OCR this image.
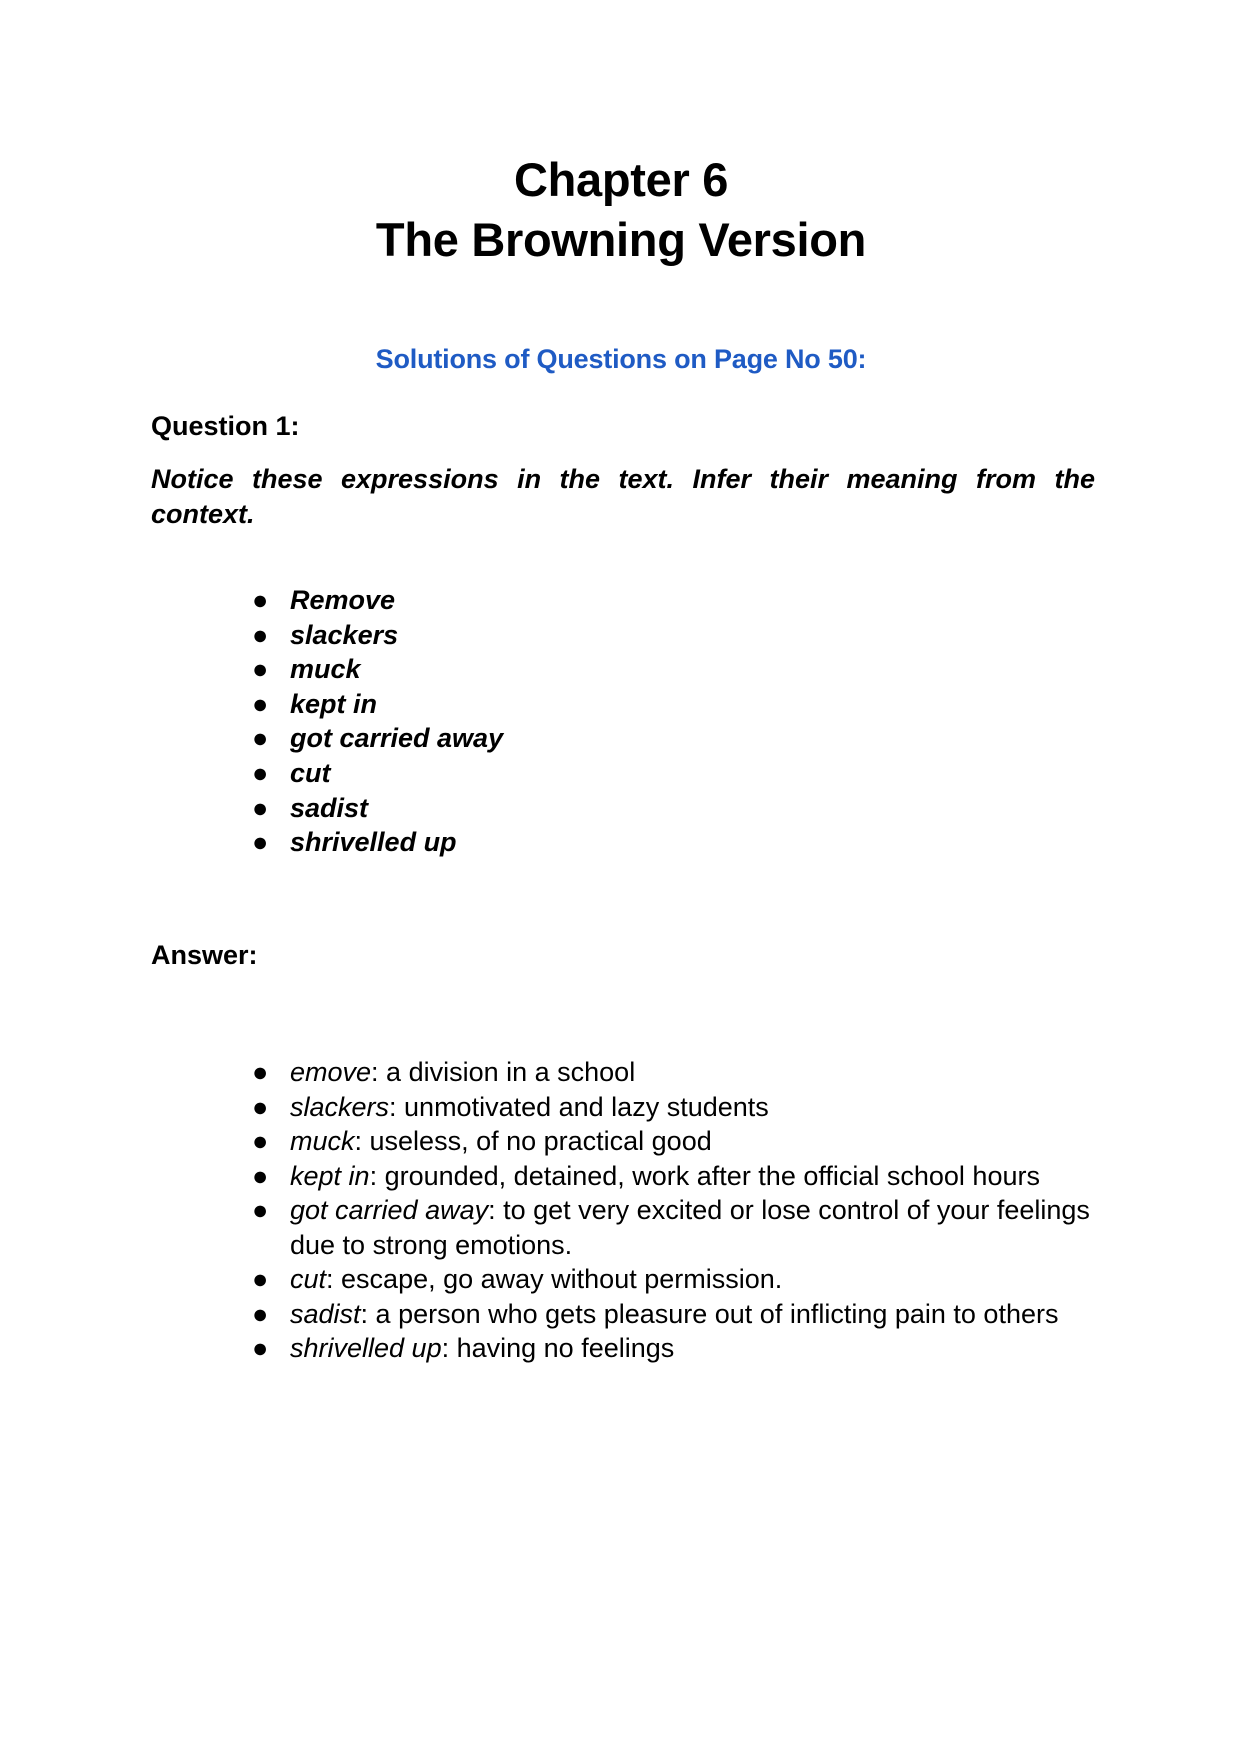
Chapter 6
The Browning Version
Solutions of Questions on Page No 50:
Question 1:
Notice these expressions in the text. Infer their meaning from the context.
● Remove
● slackers
● muck
● kept in
● got carried away
● cut
● sadist
● shrivelled up
Answer:
● emove: a division in a school
● slackers: unmotivated and lazy students
● muck: useless, of no practical good
● kept in: grounded, detained, work after the official school hours
● got carried away: to get very excited or lose control of your feelings due to strong emotions.
● cut: escape, go away without permission.
● sadist: a person who gets pleasure out of inflicting pain to others
● shrivelled up: having no feelings
